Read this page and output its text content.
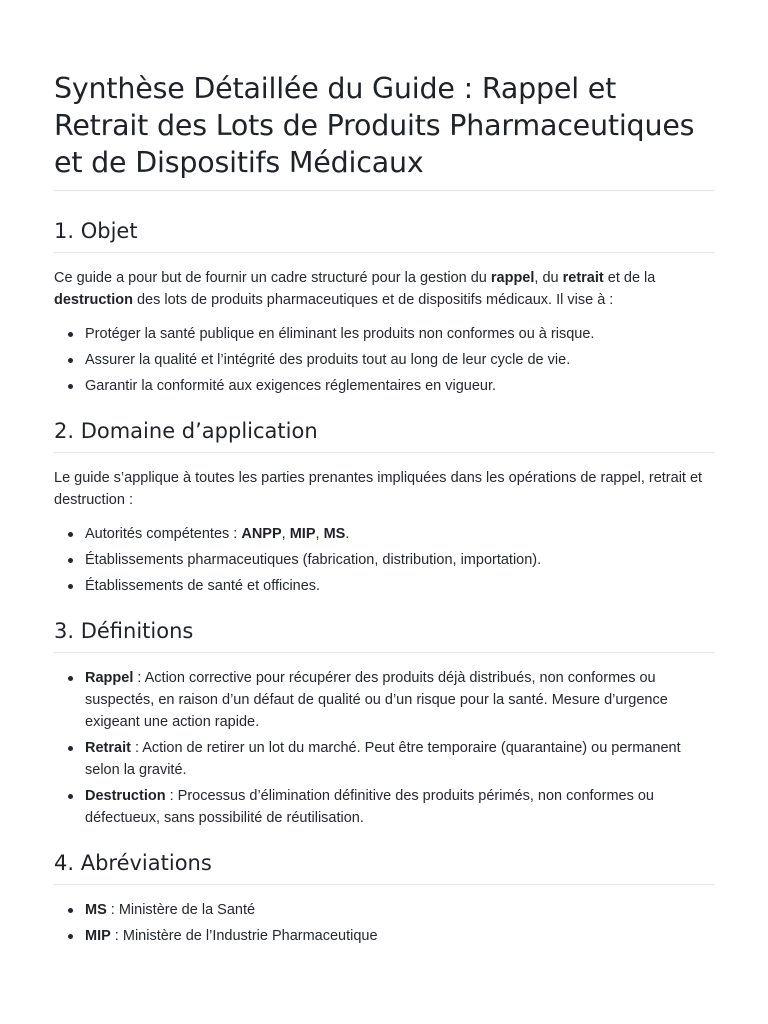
Synthèse Détaillée du Guide : Rappel et Retrait des Lots de Produits Pharmaceutiques et de Dispositifs Médicaux
1. Objet

Ce guide a pour but de fournir un cadre structuré pour la gestion du rappel, du retrait et de la destruction des lots de produits pharmaceutiques et de dispositifs médicaux. Il vise à :

Protéger la santé publique en éliminant les produits non conformes ou à risque.
Assurer la qualité et l’intégrité des produits tout au long de leur cycle de vie.
Garantir la conformité aux exigences réglementaires en vigueur.
2. Domaine d’application

Le guide s’applique à toutes les parties prenantes impliquées dans les opérations de rappel, retrait et destruction :

Autorités compétentes : ANPP, MIP, MS.
Établissements pharmaceutiques (fabrication, distribution, importation).
Établissements de santé et officines.
3. Définitions
Rappel : Action corrective pour récupérer des produits déjà distribués, non conformes ou suspectés, en raison d’un défaut de qualité ou d’un risque pour la santé. Mesure d’urgence exigeant une action rapide.
Retrait : Action de retirer un lot du marché. Peut être temporaire (quarantaine) ou permanent selon la gravité.
Destruction : Processus d’élimination définitive des produits périmés, non conformes ou défectueux, sans possibilité de réutilisation.
4. Abréviations
MS : Ministère de la Santé
MIP : Ministère de l’Industrie Pharmaceutique
